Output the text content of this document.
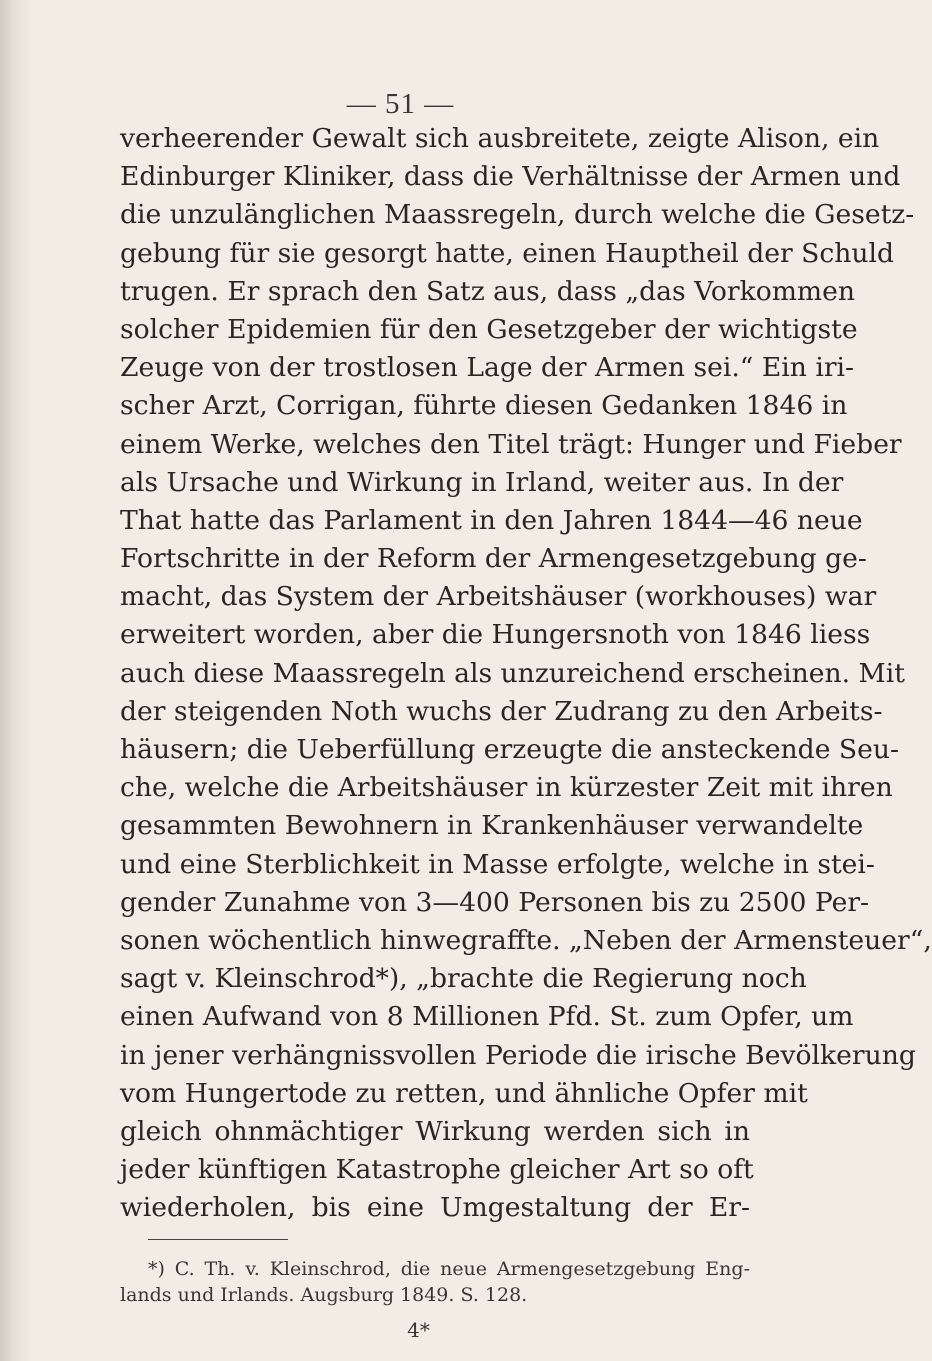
— 51 —
verheerender Gewalt sich ausbreitete, zeigte Alison, ein
Edinburger Kliniker, dass die Verhältnisse der Armen und
die unzulänglichen Maassregeln, durch welche die Gesetz-
gebung für sie gesorgt hatte, einen Hauptheil der Schuld
trugen. Er sprach den Satz aus, dass „das Vorkommen
solcher Epidemien für den Gesetzgeber der wichtigste
Zeuge von der trostlosen Lage der Armen sei.“ Ein iri-
scher Arzt, Corrigan, führte diesen Gedanken 1846 in
einem Werke, welches den Titel trägt: Hunger und Fieber
als Ursache und Wirkung in Irland, weiter aus. In der
That hatte das Parlament in den Jahren 1844—46 neue
Fortschritte in der Reform der Armengesetzgebung ge-
macht, das System der Arbeitshäuser (workhouses) war
erweitert worden, aber die Hungersnoth von 1846 liess
auch diese Maassregeln als unzureichend erscheinen. Mit
der steigenden Noth wuchs der Zudrang zu den Arbeits-
häusern; die Ueberfüllung erzeugte die ansteckende Seu-
che, welche die Arbeitshäuser in kürzester Zeit mit ihren
gesammten Bewohnern in Krankenhäuser verwandelte
und eine Sterblichkeit in Masse erfolgte, welche in stei-
gender Zunahme von 3—400 Personen bis zu 2500 Per-
sonen wöchentlich hinwegraffte. „Neben der Armensteuer“,
sagt v. Kleinschrod*), „brachte die Regierung noch
einen Aufwand von 8 Millionen Pfd. St. zum Opfer, um
in jener verhängnissvollen Periode die irische Bevölkerung
vom Hungertode zu retten, und ähnliche Opfer mit
gleich ohnmächtiger Wirkung werden sich in
jeder künftigen Katastrophe gleicher Art so oft
wiederholen, bis eine Umgestaltung der Er-
*) C. Th. v. Kleinschrod, die neue Armengesetzgebung Eng-
lands und Irlands. Augsburg 1849. S. 128.
4*
